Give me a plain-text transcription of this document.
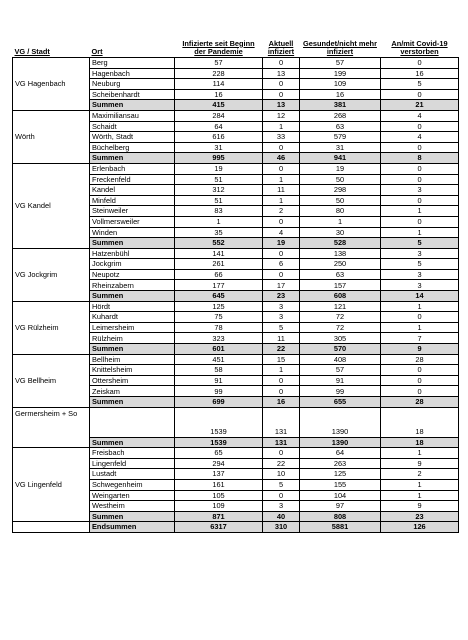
VG / Stadt	Ort	Infizierte seit Beginn der Pandemie	Aktuell infiziert	Gesundet/nicht mehr infiziert	An/mit Covid-19 verstorben
VG Hagenbach	Berg	57	0	57	0
	Hagenbach	228	13	199	16
	Neuburg	114	0	109	5
	Scheibenhardt	16	0	16	0
	Summen	415	13	381	21
Wörth	Maximiliansau	284	12	268	4
	Schaidt	64	1	63	0
	Wörth, Stadt	616	33	579	4
	Büchelberg	31	0	31	0
	Summen	995	46	941	8
VG Kandel	Erlenbach	19	0	19	0
	Freckenfeld	51	1	50	0
	Kandel	312	11	298	3
	Minfeld	51	1	50	0
	Steinweiler	83	2	80	1
	Vollmersweiler	1	0	1	0
	Winden	35	4	30	1
	Summen	552	19	528	5
VG Jockgrim	Hatzenbühl	141	0	138	3
	Jockgrim	261	6	250	5
	Neupotz	66	0	63	3
	Rheinzabern	177	17	157	3
	Summen	645	23	608	14
VG Rülzheim	Hördt	125	3	121	1
	Kuhardt	75	3	72	0
	Leimersheim	78	5	72	1
	Rülzheim	323	11	305	7
	Summen	601	22	570	9
VG Bellheim	Bellheim	451	15	408	28
	Knittelsheim	58	1	57	0
	Ottersheim	91	0	91	0
	Zeiskam	99	0	99	0
	Summen	699	16	655	28
Germersheim + So		1539	131	1390	18
	Summen	1539	131	1390	18
VG Lingenfeld	Freisbach	65	0	64	1
	Lingenfeld	294	22	263	9
	Lustadt	137	10	125	2
	Schwegenheim	161	5	155	1
	Weingarten	105	0	104	1
	Westheim	109	3	97	9
	Summen	871	40	808	23
	Endsummen	6317	310	5881	126
